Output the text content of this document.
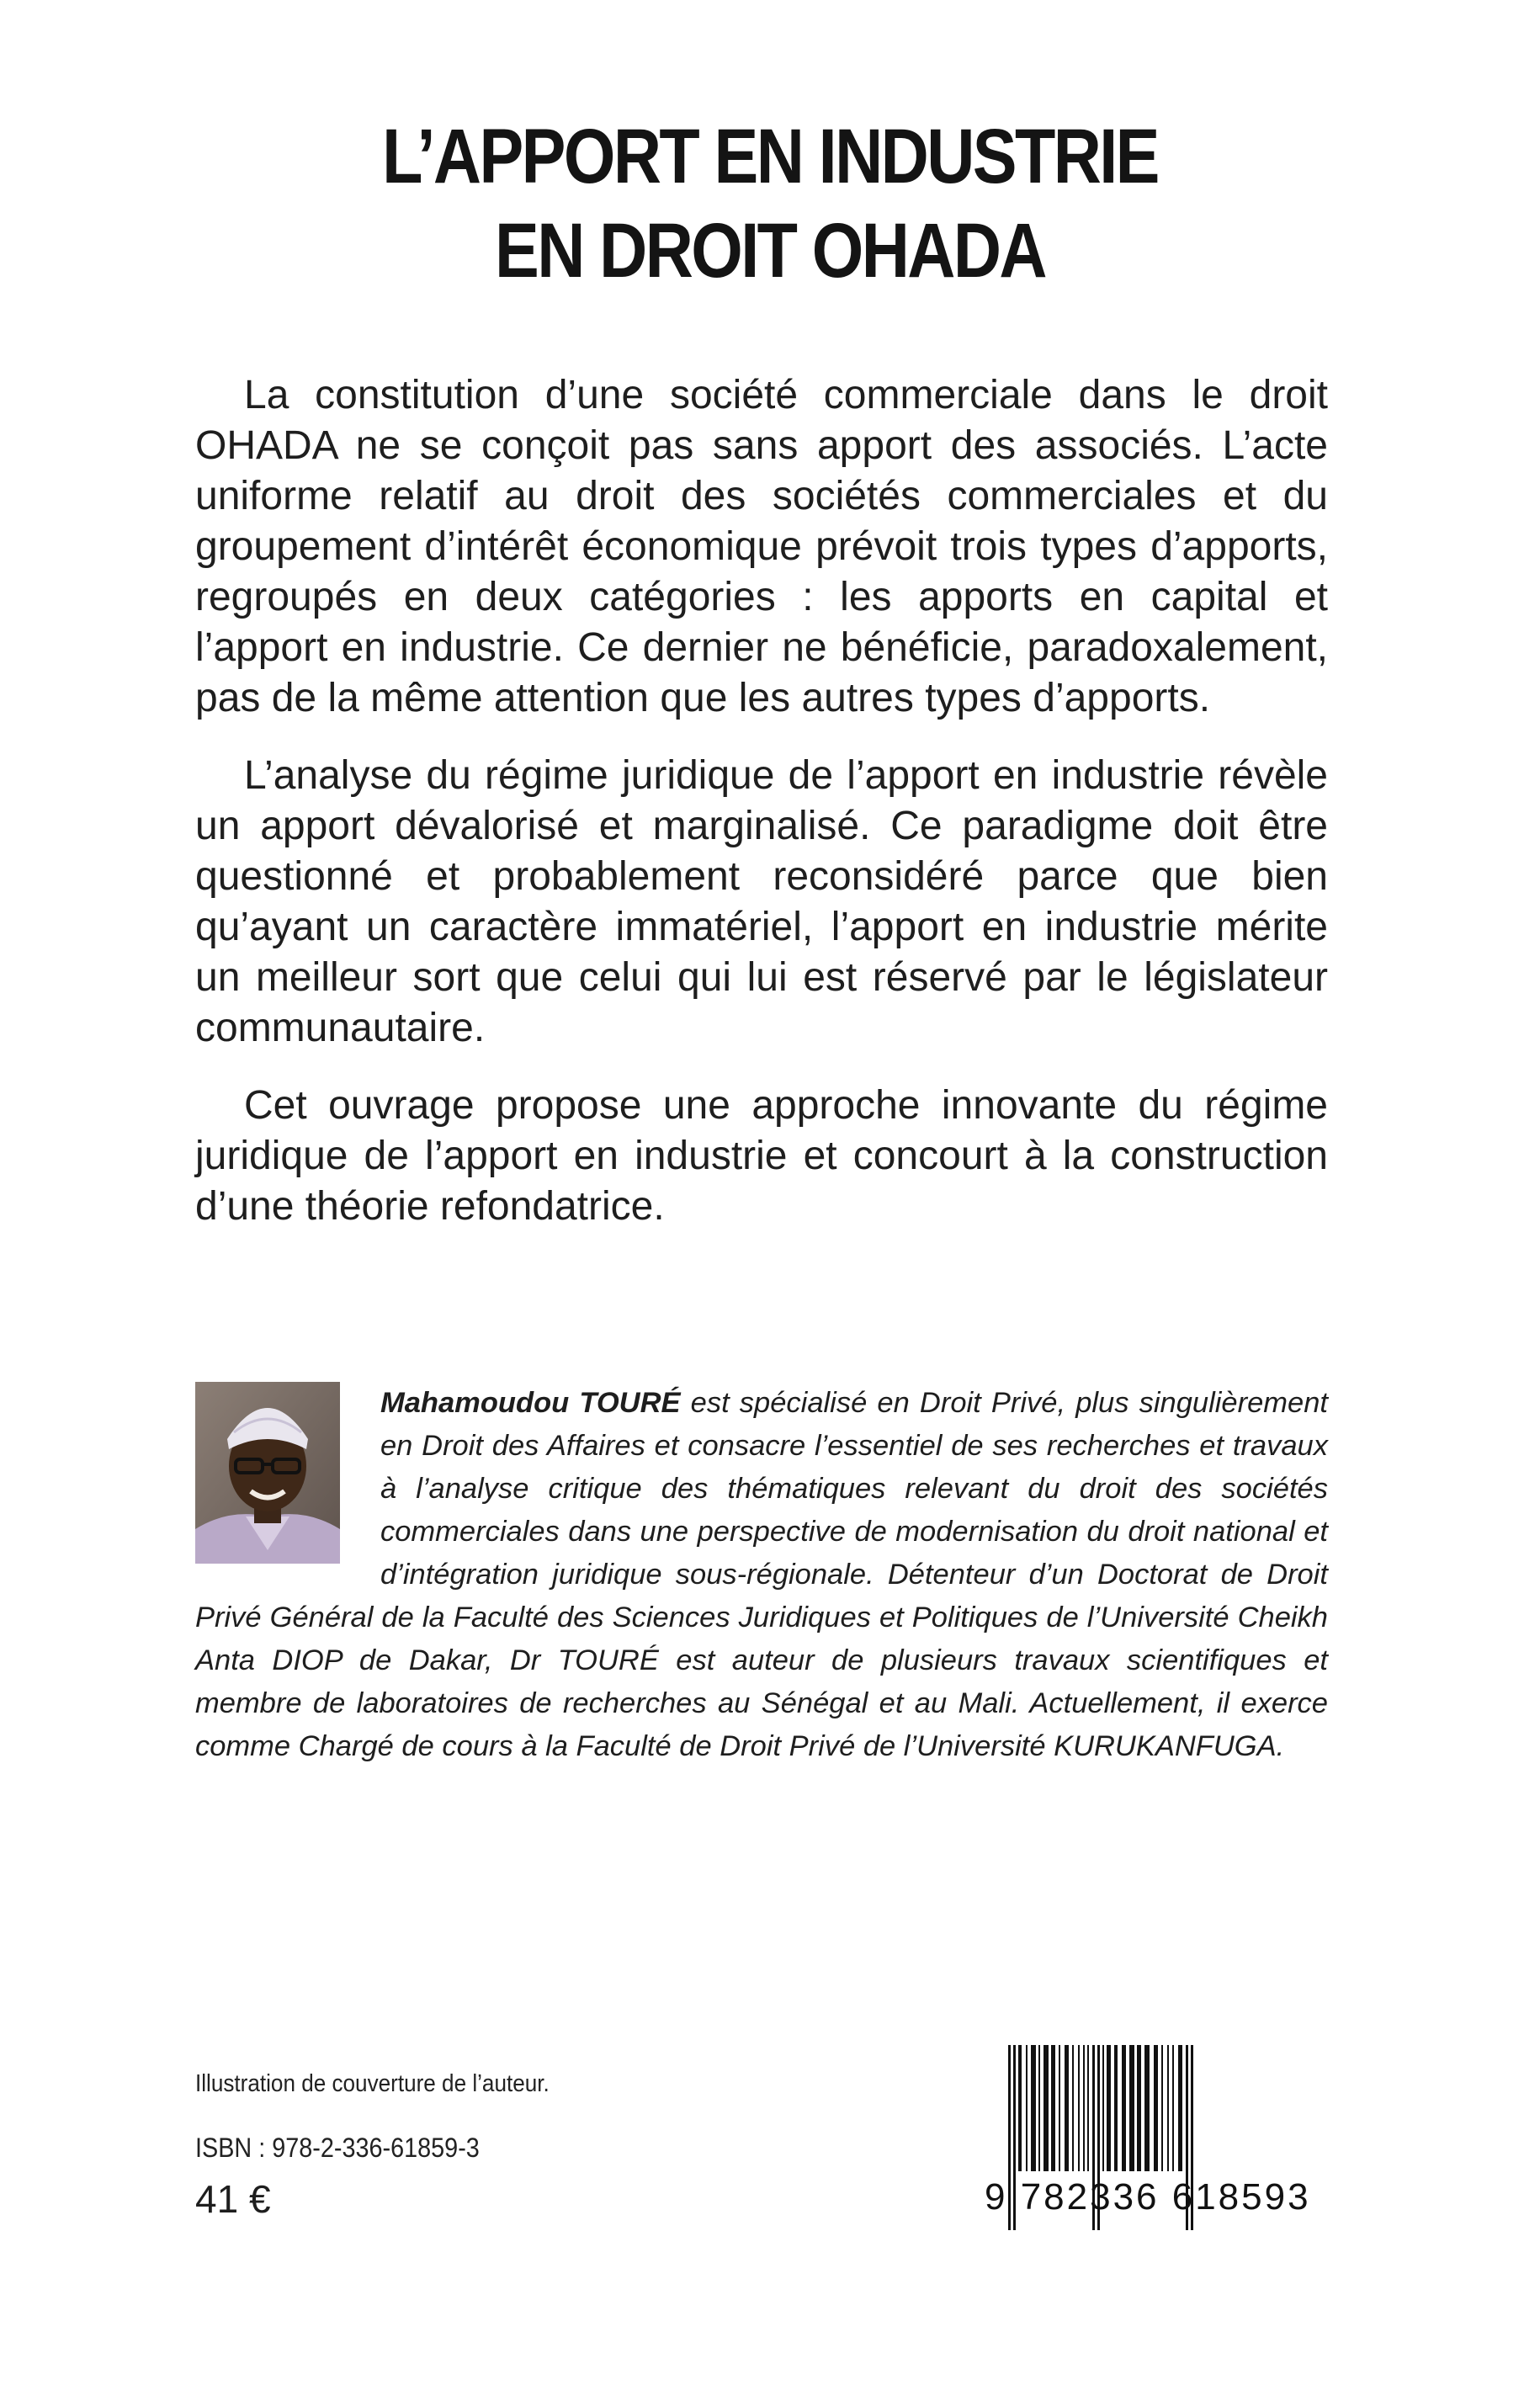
L’APPORT EN INDUSTRIE
EN DROIT OHADA

La constitution d’une société commerciale dans le droit OHADA ne se conçoit pas sans apport des associés. L’acte uniforme relatif au droit des sociétés commerciales et du groupement d’intérêt économique prévoit trois types d’apports, regroupés en deux catégories : les apports en capital et l’apport en industrie. Ce dernier ne bénéficie, paradoxalement, pas de la même attention que les autres types d’apports.

L’analyse du régime juridique de l’apport en industrie révèle un apport dévalorisé et marginalisé. Ce paradigme doit être questionné et probablement reconsidéré parce que bien qu’ayant un caractère immatériel, l’apport en industrie mérite un meilleur sort que celui qui lui est réservé par le législateur communautaire.

Cet ouvrage propose une approche innovante du régime juridique de l’apport en industrie et concourt à la construction d’une théorie refondatrice.

Mahamoudou TOURÉ est spécialisé en Droit Privé, plus singulièrement en Droit des Affaires et consacre l’essentiel de ses recherches et travaux à l’analyse critique des thématiques relevant du droit des sociétés commerciales dans une perspective de modernisation du droit national et d’intégration juridique sous-régionale. Détenteur d’un Doctorat de Droit Privé Général de la Faculté des Sciences Juridiques et Politiques de l’Université Cheikh Anta DIOP de Dakar, Dr TOURÉ est auteur de plusieurs travaux scientifiques et membre de laboratoires de recherches au Sénégal et au Mali. Actuellement, il exerce comme Chargé de cours à la Faculté de Droit Privé de l’Université KURUKANFUGA.
Illustration de couverture de l’auteur.
ISBN : 978-2-336-61859-3
41 €	9 782336 618593
